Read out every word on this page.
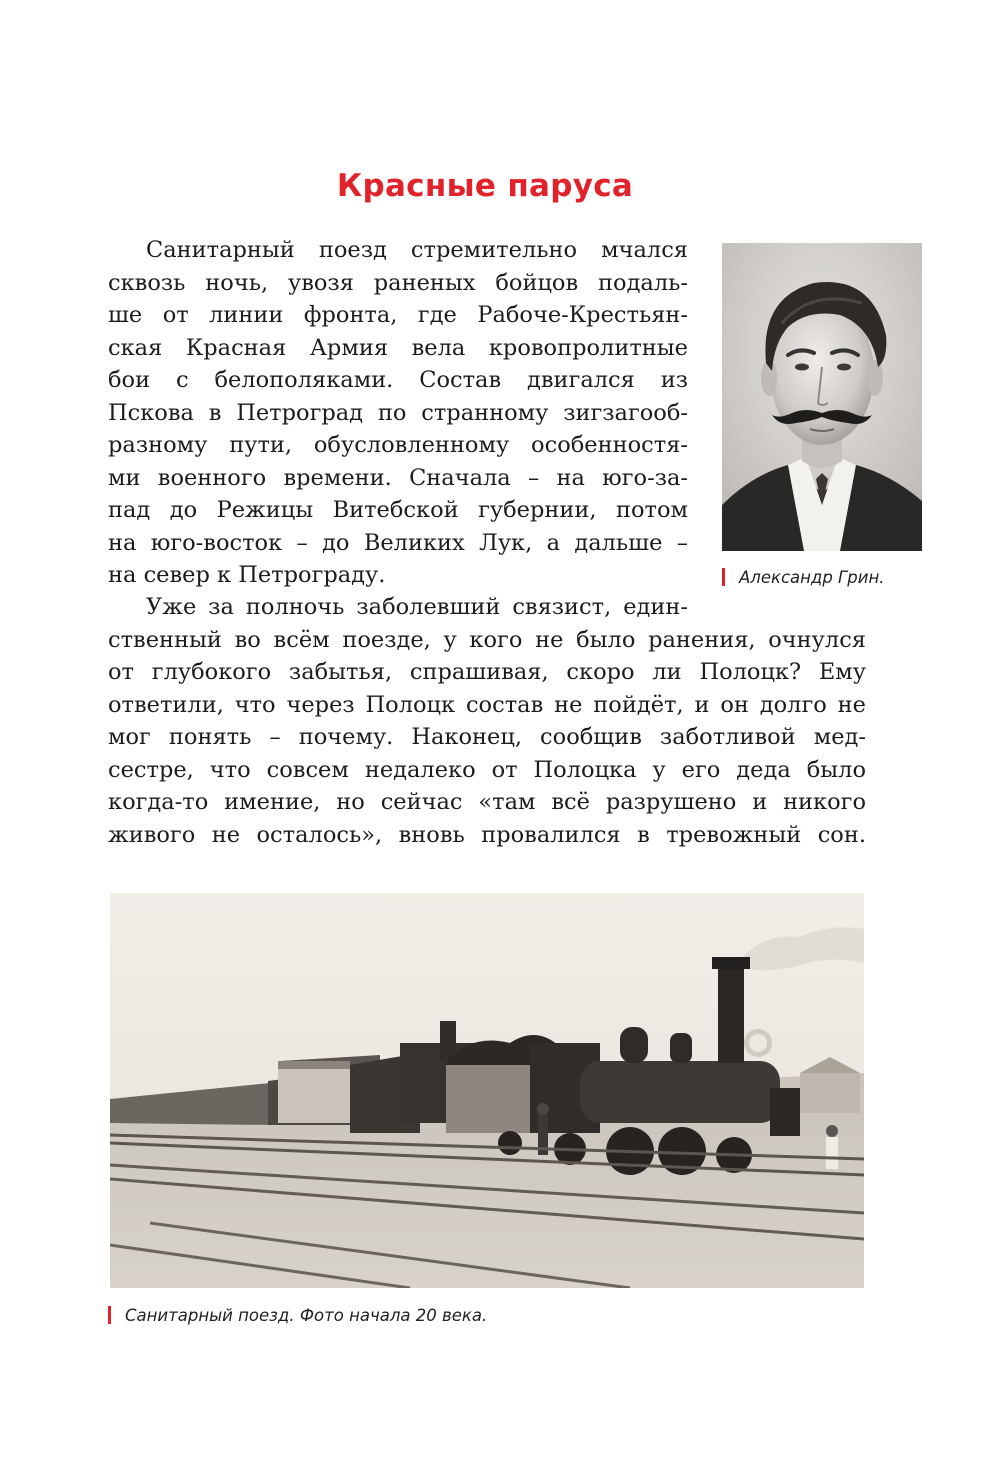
Красные паруса

Санитарный поезд стремительно мчался
сквозь ночь, увозя раненых бойцов подаль-
ше от линии фронта, где Рабоче-Крестьян-
ская Красная Армия вела кровопролитные
бои с белополяками. Состав двигался из
Пскова в Петроград по странному зигзагооб-
разному пути, обусловленному особенностя-
ми военного времени. Сначала – на юго-за-
пад до Режицы Витебской губернии, потом
на юго-восток – до Великих Лук, а дальше –
на север к Петрограду.	Александр Грин.

Уже за полночь заболевший связист, един-
ственный во всём поезде, у кого не было ранения, очнулся
от глубокого забытья, спрашивая, скоро ли Полоцк? Ему
ответили, что через Полоцк состав не пойдёт, и он долго не
мог понять – почему. Наконец, сообщив заботливой мед-
сестре, что совсем недалеко от Полоцка у его деда было
когда-то имение, но сейчас «там всё разрушено и никого
живого не осталось», вновь провалился в тревожный сон.

Санитарный поезд. Фото начала 20 века.
